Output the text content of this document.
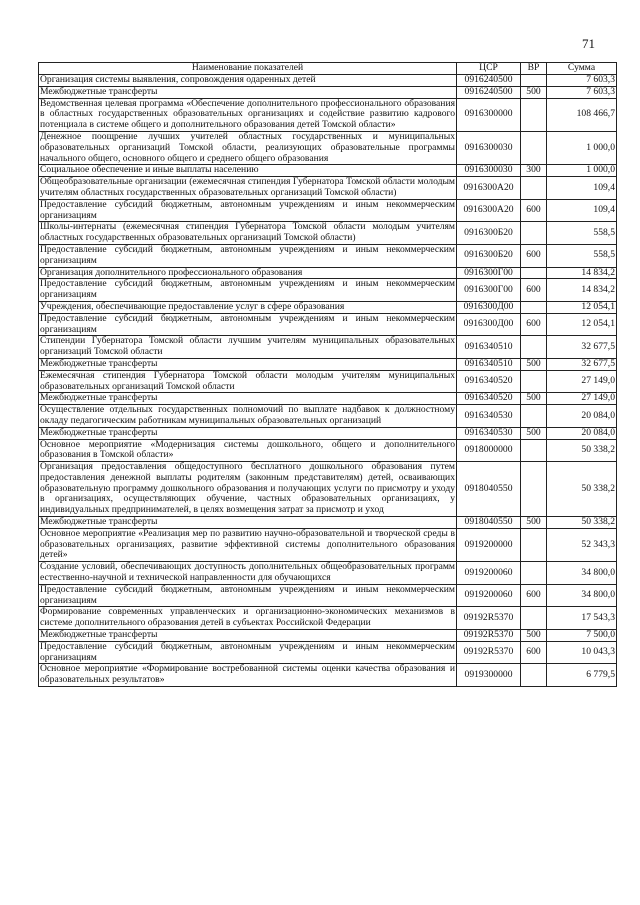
71
Наименование показателей	ЦСР	ВР	Сумма
Организация системы выявления, сопровождения одаренных детей	0916240500		7 603,3
Межбюджетные трансферты	0916240500	500	7 603,3
Ведомственная целевая программа «Обеспечение дополнительного профессионального образования в областных государственных образовательных организациях и содействие развитию кадрового потенциала в системе общего и дополнительного образования детей Томской области»	0916300000		108 466,7
Денежное поощрение лучших учителей областных государственных и муниципальных образовательных организаций Томской области, реализующих образовательные программы начального общего, основного общего и среднего общего образования	0916300030		1 000,0
Социальное обеспечение и иные выплаты населению	0916300030	300	1 000,0
Общеобразовательные организации (ежемесячная стипендия Губернатора Томской области молодым учителям областных государственных образовательных организаций Томской области)	0916300А20		109,4
Предоставление субсидий бюджетным, автономным учреждениям и иным некоммерческим организациям	0916300А20	600	109,4
Школы-интернаты (ежемесячная стипендия Губернатора Томской области молодым учителям областных государственных образовательных организаций Томской области)	0916300Б20		558,5
Предоставление субсидий бюджетным, автономным учреждениям и иным некоммерческим организациям	0916300Б20	600	558,5
Организация дополнительного профессионального образования	0916300Г00		14 834,2
Предоставление субсидий бюджетным, автономным учреждениям и иным некоммерческим организациям	0916300Г00	600	14 834,2
Учреждения, обеспечивающие предоставление услуг в сфере образования	0916300Д00		12 054,1
Предоставление субсидий бюджетным, автономным учреждениям и иным некоммерческим организациям	0916300Д00	600	12 054,1
Стипендии Губернатора Томской области лучшим учителям муниципальных образовательных организаций Томской области	0916340510		32 677,5
Межбюджетные трансферты	0916340510	500	32 677,5
Ежемесячная стипендия Губернатора Томской области молодым учителям муниципальных образовательных организаций Томской области	0916340520		27 149,0
Межбюджетные трансферты	0916340520	500	27 149,0
Осуществление отдельных государственных полномочий по выплате надбавок к должностному окладу педагогическим работникам муниципальных образовательных организаций	0916340530		20 084,0
Межбюджетные трансферты	0916340530	500	20 084,0
Основное мероприятие «Модернизация системы дошкольного, общего и дополнительного образования в Томской области»	0918000000		50 338,2
Организация предоставления общедоступного бесплатного дошкольного образования путем предоставления денежной выплаты родителям (законным представителям) детей, осваивающих образовательную программу дошкольного образования и получающих услуги по присмотру и уходу в организациях, осуществляющих обучение, частных образовательных организациях, у индивидуальных предпринимателей, в целях возмещения затрат за присмотр и уход	0918040550		50 338,2
Межбюджетные трансферты	0918040550	500	50 338,2
Основное мероприятие «Реализация мер по развитию научно-образовательной и творческой среды в образовательных организациях, развитие эффективной системы дополнительного образования детей»	0919200000		52 343,3
Создание условий, обеспечивающих доступность дополнительных общеобразовательных программ естественно-научной и технической направленности для обучающихся	0919200060		34 800,0
Предоставление субсидий бюджетным, автономным учреждениям и иным некоммерческим организациям	0919200060	600	34 800,0
Формирование современных управленческих и организационно-экономических механизмов в системе дополнительного образования детей в субъектах Российской Федерации	09192R5370		17 543,3
Межбюджетные трансферты	09192R5370	500	7 500,0
Предоставление субсидий бюджетным, автономным учреждениям и иным некоммерческим организациям	09192R5370	600	10 043,3
Основное мероприятие «Формирование востребованной системы оценки качества образования и образовательных результатов»	0919300000		6 779,5
